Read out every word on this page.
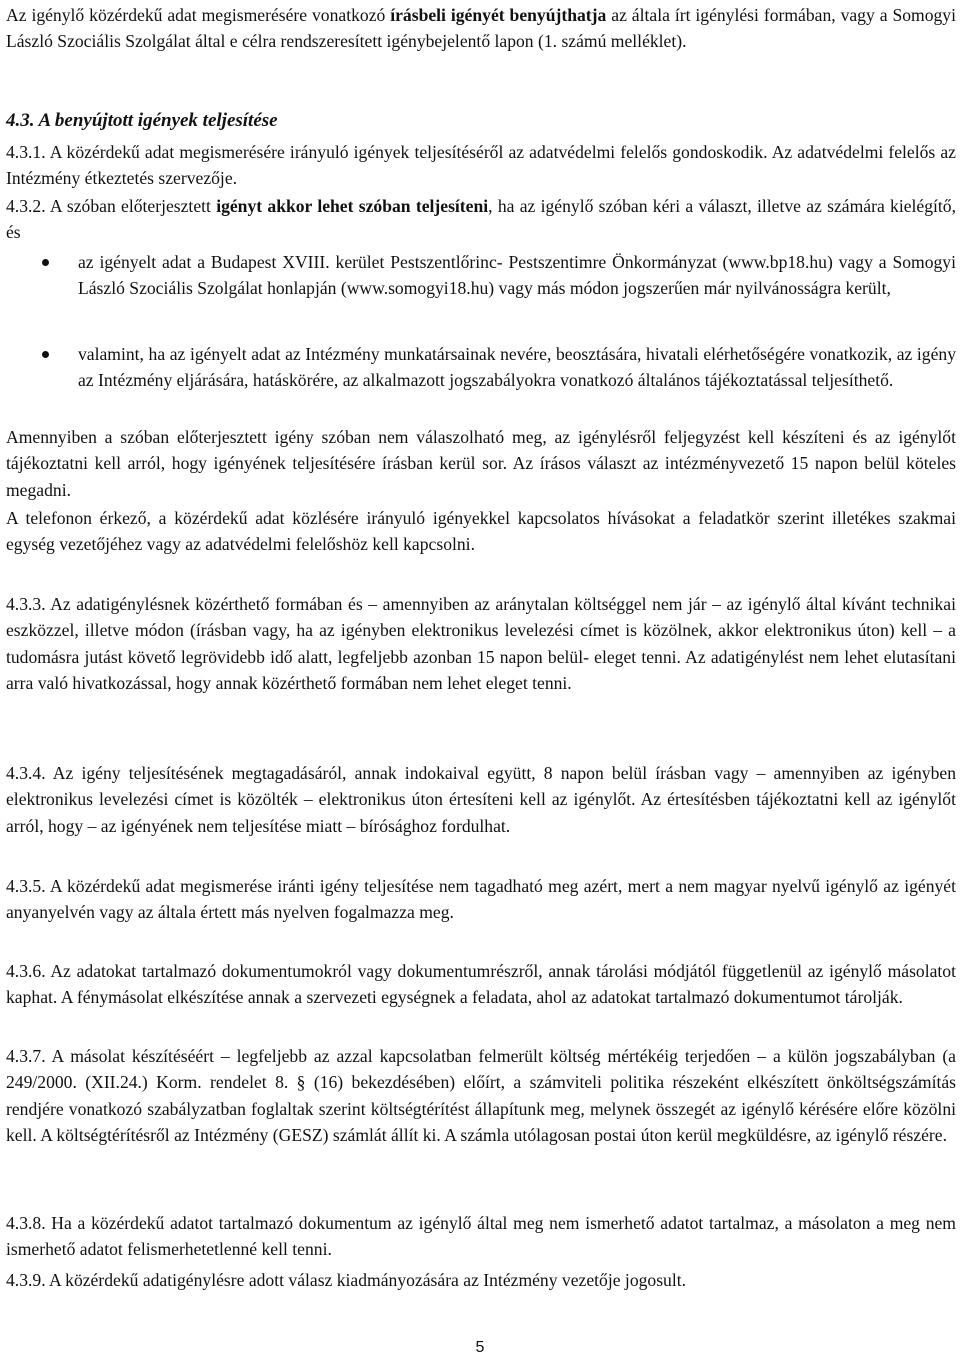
Az igénylő közérdekű adat megismerésére vonatkozó írásbeli igényét benyújthatja az általa írt igénylési formában, vagy a Somogyi László Szociális Szolgálat által e célra rendszeresített igénybejelentő lapon (1. számú melléklet).

4.3. A benyújtott igények teljesítése

4.3.1. A közérdekű adat megismerésére irányuló igények teljesítéséről az adatvédelmi felelős gondoskodik. Az adatvédelmi felelős az Intézmény étkeztetés szervezője.

4.3.2. A szóban előterjesztett igényt akkor lehet szóban teljesíteni, ha az igénylő szóban kéri a választ, illetve az számára kielégítő, és

az igényelt adat a Budapest XVIII. kerület Pestszentlőrinc- Pestszentimre Önkormányzat (www.bp18.hu) vagy a Somogyi László Szociális Szolgálat honlapján (www.somogyi18.hu) vagy más módon jogszerűen már nyilvánosságra került,

valamint, ha az igényelt adat az Intézmény munkatársainak nevére, beosztására, hivatali elérhetőségére vonatkozik, az igény az Intézmény eljárására, hatáskörére, az alkalmazott jogszabályokra vonatkozó általános tájékoztatással teljesíthető.

Amennyiben a szóban előterjesztett igény szóban nem válaszolható meg, az igénylésről feljegyzést kell készíteni és az igénylőt tájékoztatni kell arról, hogy igényének teljesítésére írásban kerül sor. Az írásos választ az intézményvezető 15 napon belül köteles megadni.

A telefonon érkező, a közérdekű adat közlésére irányuló igényekkel kapcsolatos hívásokat a feladatkör szerint illetékes szakmai egység vezetőjéhez vagy az adatvédelmi felelőshöz kell kapcsolni.

4.3.3. Az adatigénylésnek közérthető formában és – amennyiben az aránytalan költséggel nem jár – az igénylő által kívánt technikai eszközzel, illetve módon (írásban vagy, ha az igényben elektronikus levelezési címet is közölnek, akkor elektronikus úton) kell – a tudomásra jutást követő legrövidebb idő alatt, legfeljebb azonban 15 napon belül- eleget tenni. Az adatigénylést nem lehet elutasítani arra való hivatkozással, hogy annak közérthető formában nem lehet eleget tenni.

4.3.4. Az igény teljesítésének megtagadásáról, annak indokaival együtt, 8 napon belül írásban vagy – amennyiben az igényben elektronikus levelezési címet is közölték – elektronikus úton értesíteni kell az igénylőt. Az értesítésben tájékoztatni kell az igénylőt arról, hogy – az igényének nem teljesítése miatt – bírósághoz fordulhat.

4.3.5. A közérdekű adat megismerése iránti igény teljesítése nem tagadható meg azért, mert a nem magyar nyelvű igénylő az igényét anyanyelvén vagy az általa értett más nyelven fogalmazza meg.

4.3.6. Az adatokat tartalmazó dokumentumokról vagy dokumentumrészről, annak tárolási módjától függetlenül az igénylő másolatot kaphat. A fénymásolat elkészítése annak a szervezeti egységnek a feladata, ahol az adatokat tartalmazó dokumentumot tárolják.

4.3.7. A másolat készítéséért – legfeljebb az azzal kapcsolatban felmerült költség mértékéig terjedően – a külön jogszabályban (a 249/2000. (XII.24.) Korm. rendelet 8. § (16) bekezdésében) előírt, a számviteli politika részeként elkészített önköltségszámítás rendjére vonatkozó szabályzatban foglaltak szerint költségtérítést állapítunk meg, melynek összegét az igénylő kérésére előre közölni kell. A költségtérítésről az Intézmény (GESZ) számlát állít ki. A számla utólagosan postai úton kerül megküldésre, az igénylő részére.

4.3.8. Ha a közérdekű adatot tartalmazó dokumentum az igénylő által meg nem ismerhető adatot tartalmaz, a másolaton a meg nem ismerhető adatot felismerhetetlenné kell tenni.

4.3.9. A közérdekű adatigénylésre adott válasz kiadmányozására az Intézmény vezetője jogosult.

5
